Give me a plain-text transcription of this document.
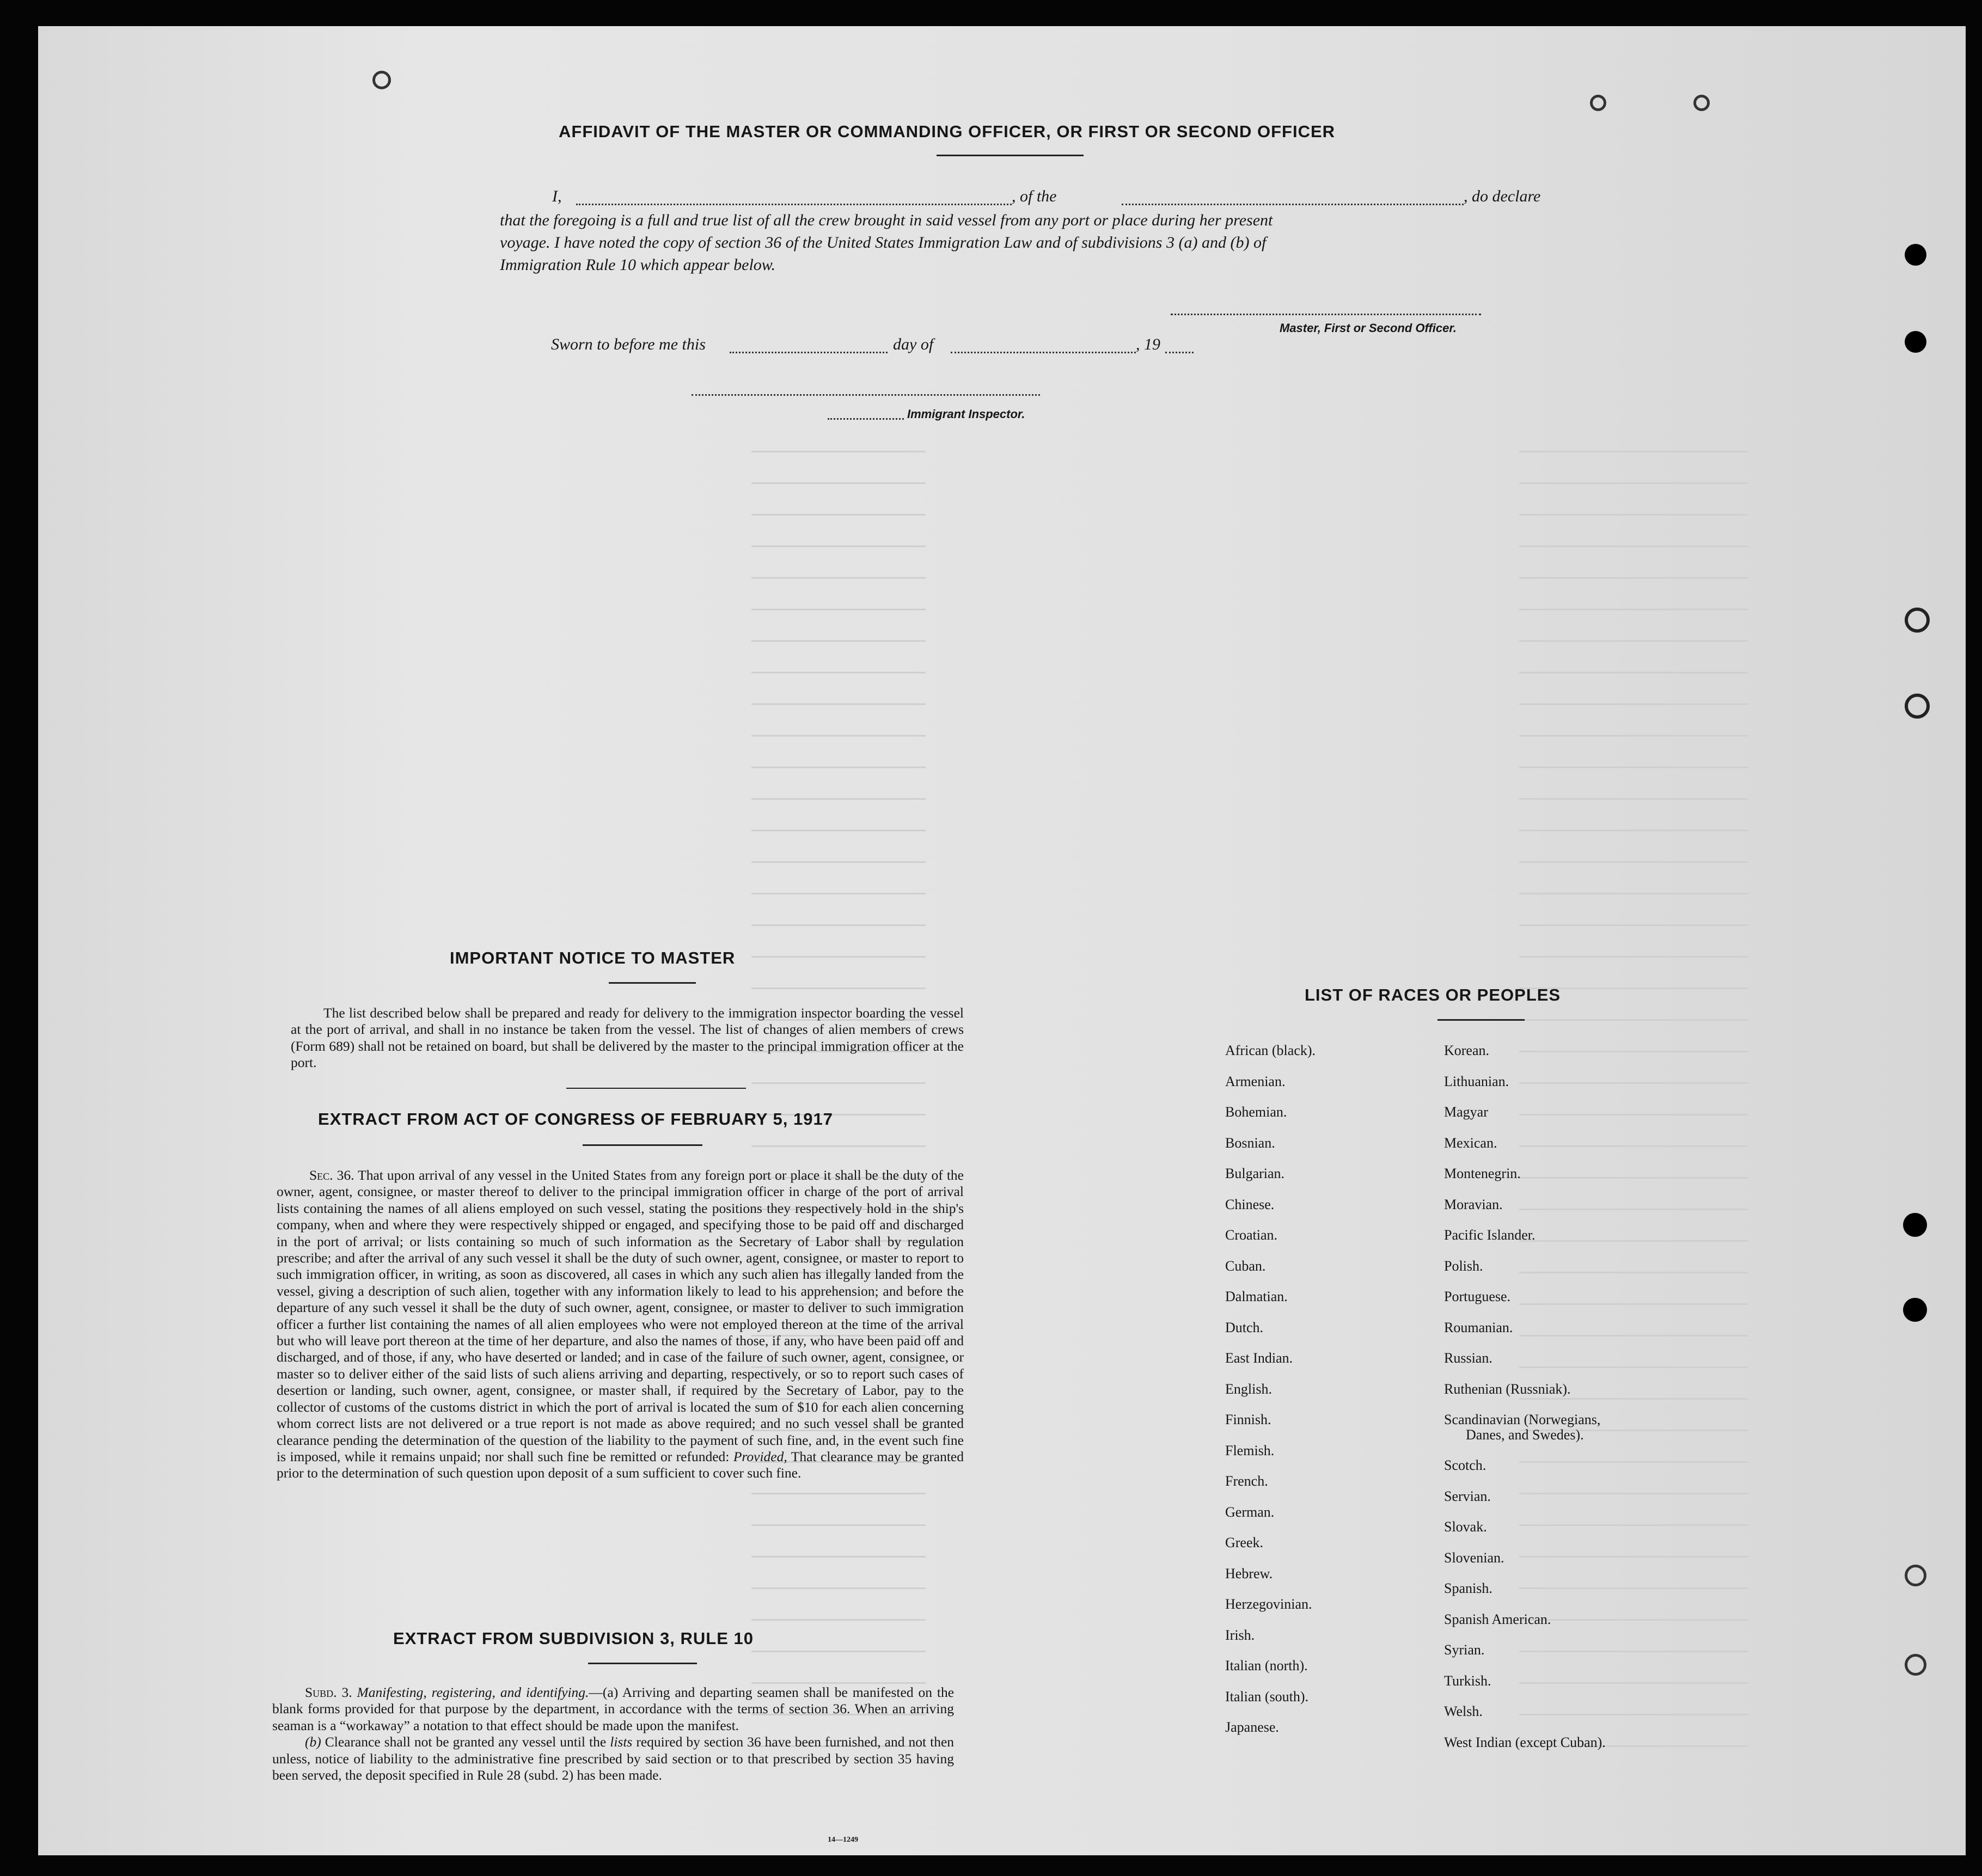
AFFIDAVIT OF THE MASTER OR COMMANDING OFFICER, OR FIRST OR SECOND OFFICER
I,	, of the	, do declare
that the foregoing is a full and true list of all the crew brought in said vessel from any port or place during her present
voyage. I have noted the copy of section 36 of the United States Immigration Law and of subdivisions 3 (a) and (b) of
Immigration Rule 10 which appear below.
Master, First or Second Officer.
Sworn to before me this	day of	, 19
Immigrant Inspector.
IMPORTANT NOTICE TO MASTER

The list described below shall be prepared and ready for delivery to the immigration inspector boarding the vessel at the port of arrival, and shall in no instance be taken from the vessel. The list of changes of alien members of crews (Form 689) shall not be retained on board, but shall be delivered by the master to the principal immigration officer at the port.

EXTRACT FROM ACT OF CONGRESS OF FEBRUARY 5, 1917

Sec. 36. That upon arrival of any vessel in the United States from any foreign port or place it shall be the duty of the owner, agent, consignee, or master thereof to deliver to the principal immigration officer in charge of the port of arrival lists containing the names of all aliens employed on such vessel, stating the positions they respectively hold in the ship's company, when and where they were respectively shipped or engaged, and specifying those to be paid off and discharged in the port of arrival; or lists containing so much of such information as the Secretary of Labor shall by regulation prescribe; and after the arrival of any such vessel it shall be the duty of such owner, agent, consignee, or master to report to such immigration officer, in writing, as soon as discovered, all cases in which any such alien has illegally landed from the vessel, giving a description of such alien, together with any information likely to lead to his apprehension; and before the departure of any such vessel it shall be the duty of such owner, agent, consignee, or master to deliver to such immigration officer a further list containing the names of all alien employees who were not employed thereon at the time of the arrival but who will leave port thereon at the time of her departure, and also the names of those, if any, who have been paid off and discharged, and of those, if any, who have deserted or landed; and in case of the failure of such owner, agent, consignee, or master so to deliver either of the said lists of such aliens arriving and departing, respectively, or so to report such cases of desertion or landing, such owner, agent, consignee, or master shall, if required by the Secretary of Labor, pay to the collector of customs of the customs district in which the port of arrival is located the sum of $10 for each alien concerning whom correct lists are not delivered or a true report is not made as above required; and no such vessel shall be granted clearance pending the determination of the question of the liability to the payment of such fine, and, in the event such fine is imposed, while it remains unpaid; nor shall such fine be remitted or refunded: Provided, That clearance may be granted prior to the determination of such question upon deposit of a sum sufficient to cover such fine.

EXTRACT FROM SUBDIVISION 3, RULE 10

Subd. 3. Manifesting, registering, and identifying.—(a) Arriving and departing seamen shall be manifested on the blank forms provided for that purpose by the department, in accordance with the terms of section 36. When an arriving seaman is a “workaway” a notation to that effect should be made upon the manifest.

(b) Clearance shall not be granted any vessel until the lists required by section 36 have been furnished, and not then unless, notice of liability to the administrative fine prescribed by said section or to that prescribed by section 35 having been served, the deposit specified in Rule 28 (subd. 2) has been made.

14—1249
LIST OF RACES OR PEOPLES
African (black).
Armenian.
Bohemian.
Bosnian.
Bulgarian.
Chinese.
Croatian.
Cuban.
Dalmatian.
Dutch.
East Indian.
English.
Finnish.
Flemish.
French.
German.
Greek.
Hebrew.
Herzegovinian.
Irish.
Italian (north).
Italian (south).
Japanese.
Korean.
Lithuanian.
Magyar
Mexican.
Montenegrin.
Moravian.
Pacific Islander.
Polish.
Portuguese.
Roumanian.
Russian.
Ruthenian (Russniak).
Scandinavian (Norwegians,
Danes, and Swedes).
Scotch.
Servian.
Slovak.
Slovenian.
Spanish.
Spanish American.
Syrian.
Turkish.
Welsh.
West Indian (except Cuban).
